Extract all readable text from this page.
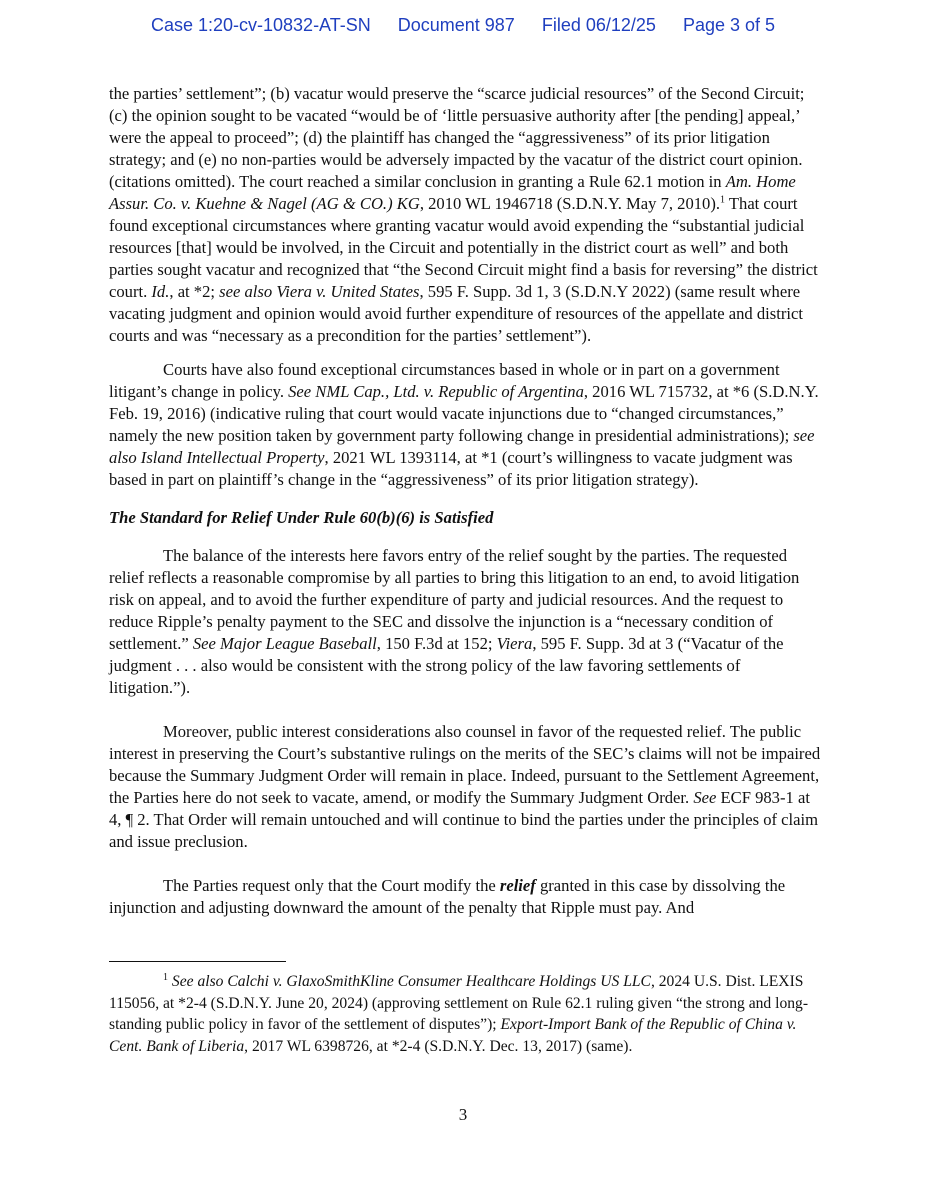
Case 1:20-cv-10832-AT-SN Document 987 Filed 06/12/25 Page 3 of 5

the parties’ settlement”; (b) vacatur would preserve the “scarce judicial resources” of the Second Circuit; (c) the opinion sought to be vacated “would be of ‘little persuasive authority after [the pending] appeal,’ were the appeal to proceed”; (d) the plaintiff has changed the “aggressiveness” of its prior litigation strategy; and (e) no non-parties would be adversely impacted by the vacatur of the district court opinion. (citations omitted). The court reached a similar conclusion in granting a Rule 62.1 motion in Am. Home Assur. Co. v. Kuehne & Nagel (AG & CO.) KG, 2010 WL 1946718 (S.D.N.Y. May 7, 2010).$^1$ That court found exceptional circumstances where granting vacatur would avoid expending the “substantial judicial resources [that] would be involved, in the Circuit and potentially in the district court as well” and both parties sought vacatur and recognized that “the Second Circuit might find a basis for reversing” the district court. Id., at *2; see also Viera v. United States, 595 F. Supp. 3d 1, 3 (S.D.N.Y 2022) (same result where vacating judgment and opinion would avoid further expenditure of resources of the appellate and district courts and was “necessary as a precondition for the parties’ settlement”).

Courts have also found exceptional circumstances based in whole or in part on a government litigant’s change in policy. See NML Cap., Ltd. v. Republic of Argentina, 2016 WL 715732, at *6 (S.D.N.Y. Feb. 19, 2016) (indicative ruling that court would vacate injunctions due to “changed circumstances,” namely the new position taken by government party following change in presidential administrations); see also Island Intellectual Property, 2021 WL 1393114, at *1 (court’s willingness to vacate judgment was based in part on plaintiff’s change in the “aggressiveness” of its prior litigation strategy).

The Standard for Relief Under Rule 60(b)(6) is Satisfied

The balance of the interests here favors entry of the relief sought by the parties. The requested relief reflects a reasonable compromise by all parties to bring this litigation to an end, to avoid litigation risk on appeal, and to avoid the further expenditure of party and judicial resources. And the request to reduce Ripple’s penalty payment to the SEC and dissolve the injunction is a “necessary condition of settlement.” See Major League Baseball, 150 F.3d at 152; Viera, 595 F. Supp. 3d at 3 (“Vacatur of the judgment . . . also would be consistent with the strong policy of the law favoring settlements of litigation.”).

Moreover, public interest considerations also counsel in favor of the requested relief. The public interest in preserving the Court’s substantive rulings on the merits of the SEC’s claims will not be impaired because the Summary Judgment Order will remain in place. Indeed, pursuant to the Settlement Agreement, the Parties here do not seek to vacate, amend, or modify the Summary Judgment Order. See ECF 983-1 at 4, ¶ 2. That Order will remain untouched and will continue to bind the parties under the principles of claim and issue preclusion.

The Parties request only that the Court modify the relief granted in this case by dissolving the injunction and adjusting downward the amount of the penalty that Ripple must pay. And

$^1$ See also Calchi v. GlaxoSmithKline Consumer Healthcare Holdings US LLC, 2024 U.S. Dist. LEXIS 115056, at *2-4 (S.D.N.Y. June 20, 2024) (approving settlement on Rule 62.1 ruling given “the strong and long-standing public policy in favor of the settlement of disputes”); Export-Import Bank of the Republic of China v. Cent. Bank of Liberia, 2017 WL 6398726, at *2-4 (S.D.N.Y. Dec. 13, 2017) (same).

3
